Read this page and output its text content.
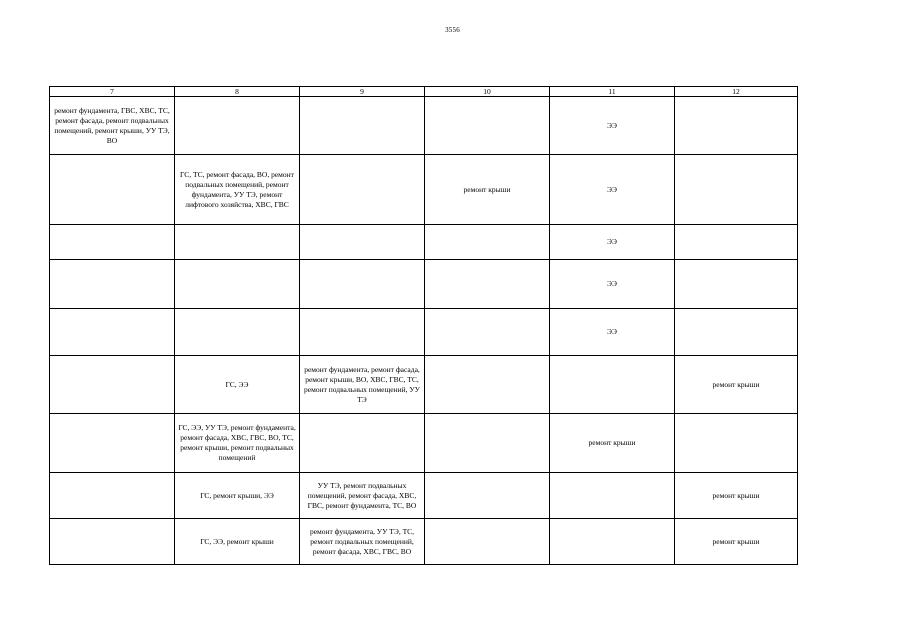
3556
7	8	9	10	11	12
ремонт фундамента, ГВС, ХВС, ТС, ремонт фасада, ремонт подвальных помещений, ремонт крыши, УУ ТЭ, ВО				ЭЭ	
	ГС, ТС, ремонт фасада, ВО, ремонт подвальных помещений, ремонт фундамента, УУ ТЭ, ремонт лифтового хозяйства, ХВС, ГВС		ремонт крыши	ЭЭ	
				ЭЭ	
				ЭЭ	
				ЭЭ	
	ГС, ЭЭ	ремонт фундамента, ремонт фасада, ремонт крыши, ВО, ХВС, ГВС, ТС, ремонт подвальных помещений, УУ ТЭ			ремонт крыши
	ГС, ЭЭ, УУ ТЭ, ремонт фундамента, ремонт фасада, ХВС, ГВС, ВО, ТС, ремонт крыши, ремонт подвальных помещений			ремонт крыши	
	ГС, ремонт крыши, ЭЭ	УУ ТЭ, ремонт подвальных помещений, ремонт фасада, ХВС, ГВС, ремонт фундамента, ТС, ВО			ремонт крыши
	ГС, ЭЭ, ремонт крыши	ремонт фундамента, УУ ТЭ, ТС, ремонт подвальных помещений, ремонт фасада, ХВС, ГВС, ВО			ремонт крыши
